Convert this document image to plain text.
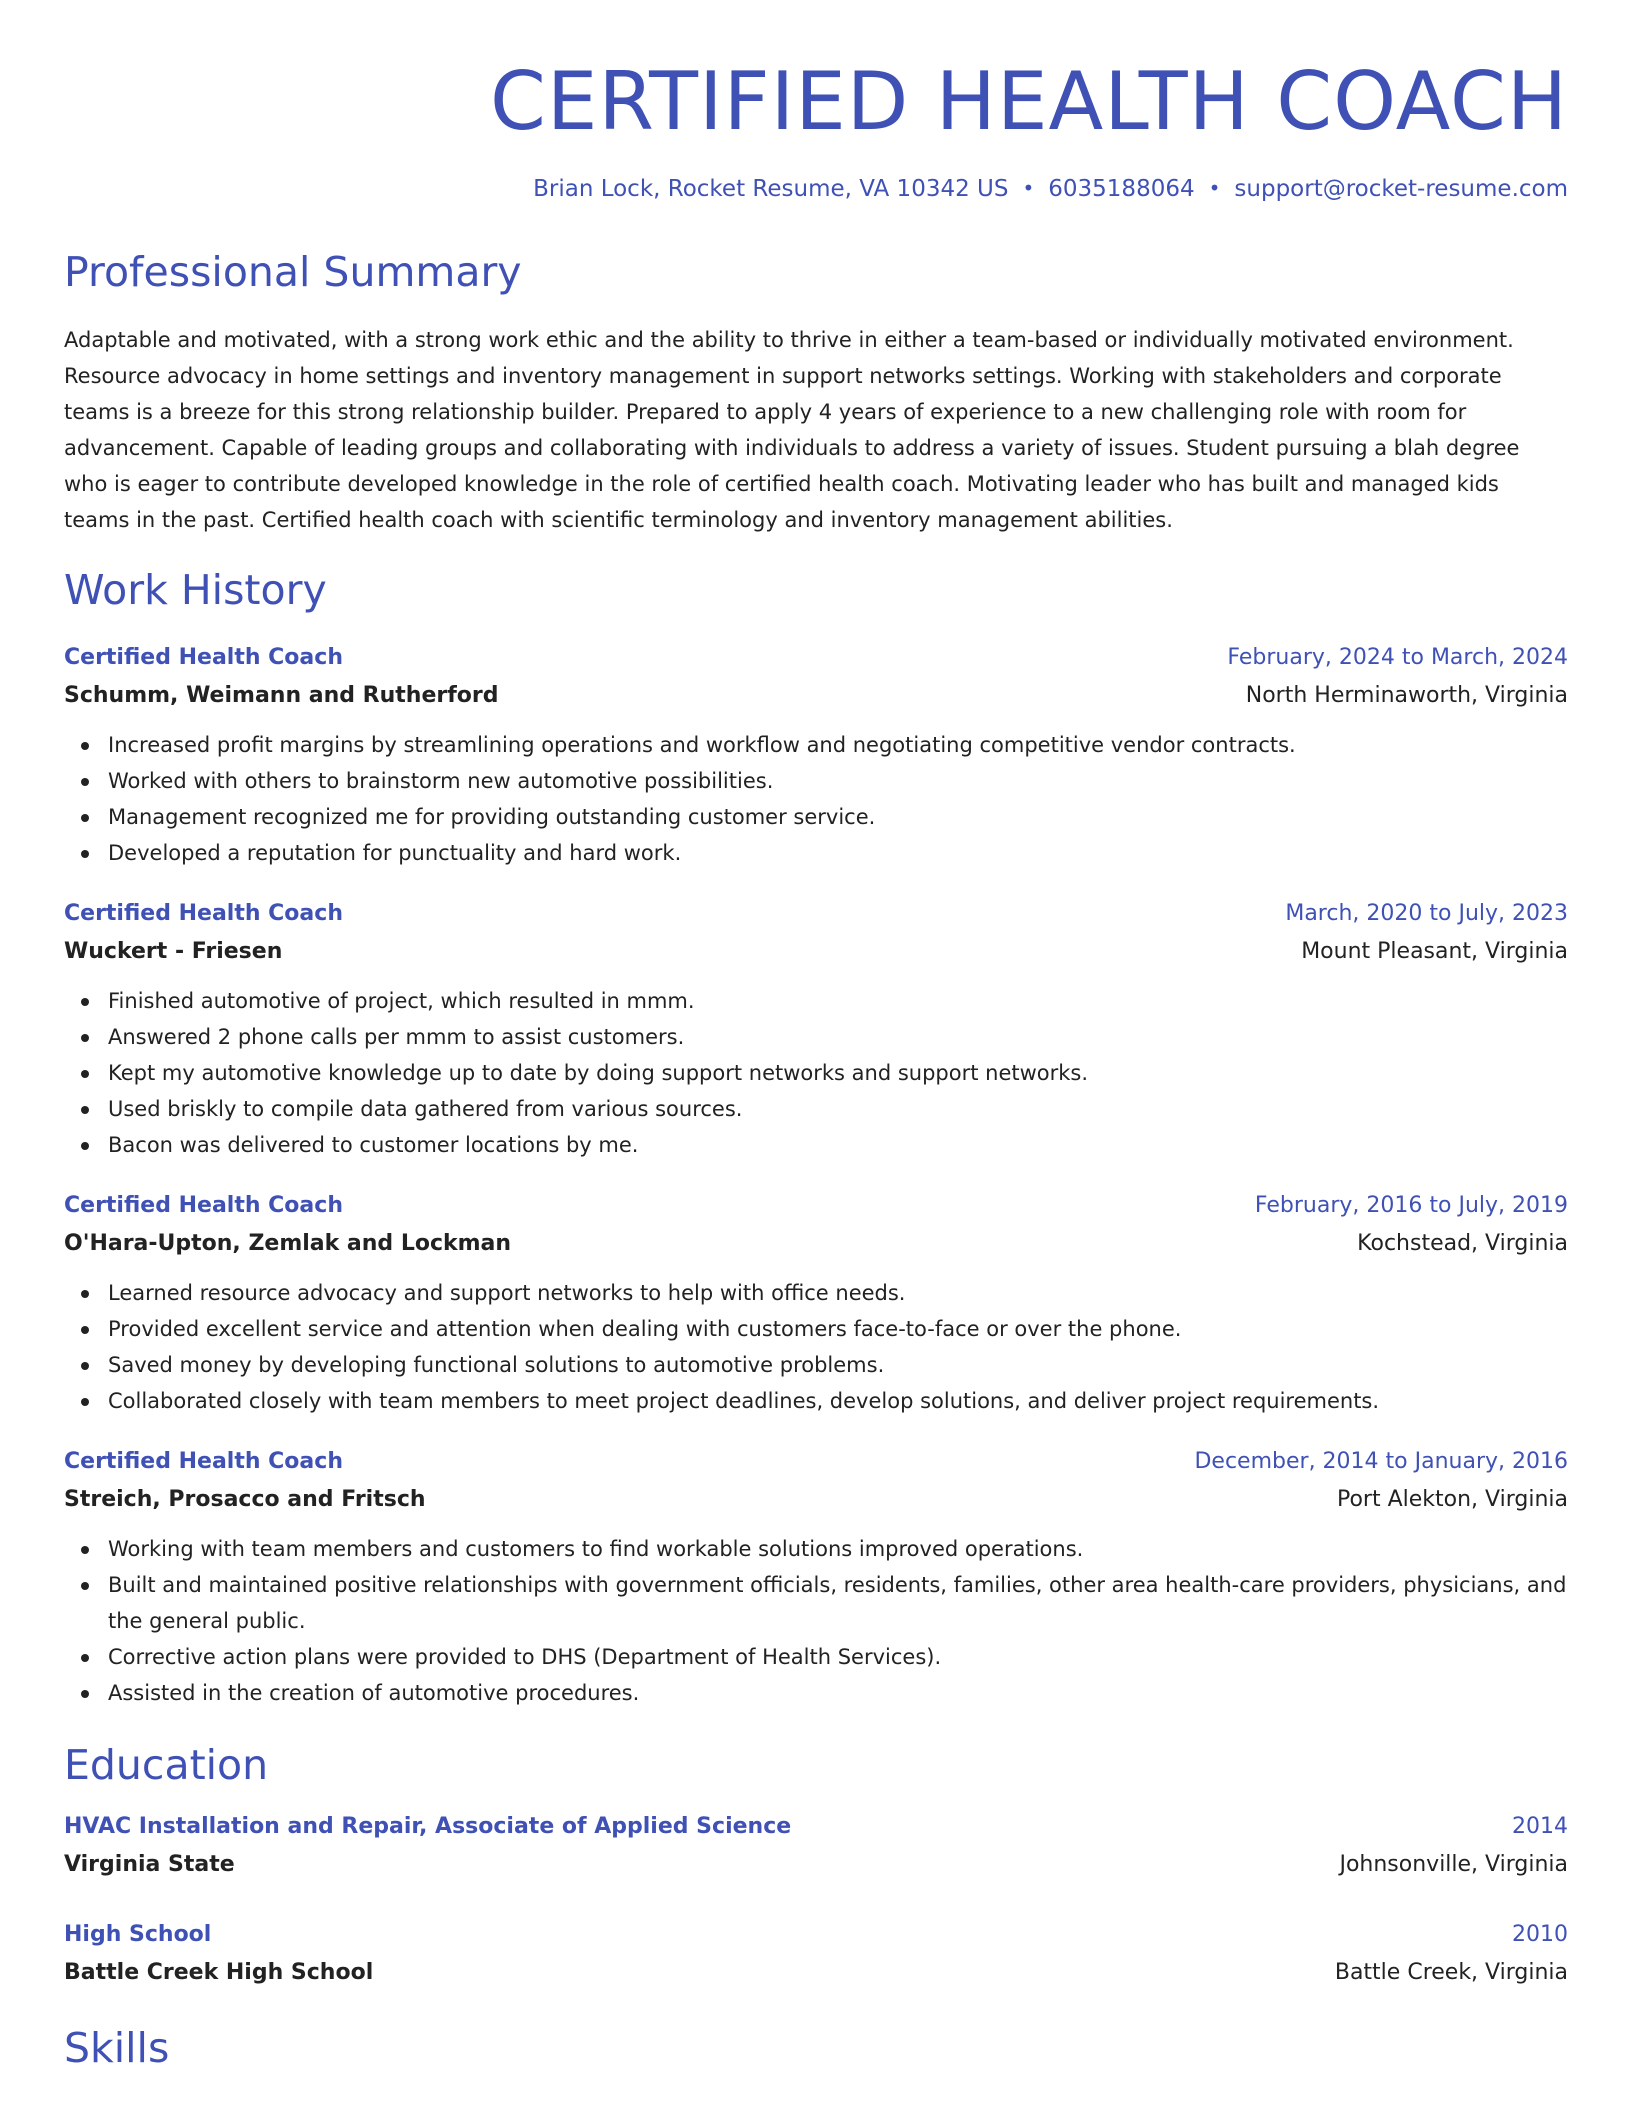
CERTIFIED HEALTH COACH
Brian Lock, Rocket Resume, VA 10342 US • 6035188064 • support@rocket-resume.com
Professional Summary
Adaptable and motivated, with a strong work ethic and the ability to thrive in either a team-based or individually motivated environment. Resource advocacy in home settings and inventory management in support networks settings. Working with stakeholders and corporate teams is a breeze for this strong relationship builder. Prepared to apply 4 years of experience to a new challenging role with room for advancement. Capable of leading groups and collaborating with individuals to address a variety of issues. Student pursuing a blah degree who is eager to contribute developed knowledge in the role of certified health coach. Motivating leader who has built and managed kids teams in the past. Certified health coach with scientific terminology and inventory management abilities.
Work History
Certified Health Coach	February, 2024 to March, 2024
Schumm, Weimann and Rutherford	North Herminaworth, Virginia
Increased profit margins by streamlining operations and workflow and negotiating competitive vendor contracts.
Worked with others to brainstorm new automotive possibilities.
Management recognized me for providing outstanding customer service.
Developed a reputation for punctuality and hard work.
Certified Health Coach	March, 2020 to July, 2023
Wuckert - Friesen	Mount Pleasant, Virginia
Finished automotive of project, which resulted in mmm.
Answered 2 phone calls per mmm to assist customers.
Kept my automotive knowledge up to date by doing support networks and support networks.
Used briskly to compile data gathered from various sources.
Bacon was delivered to customer locations by me.
Certified Health Coach	February, 2016 to July, 2019
O'Hara-Upton, Zemlak and Lockman	Kochstead, Virginia
Learned resource advocacy and support networks to help with office needs.
Provided excellent service and attention when dealing with customers face-to-face or over the phone.
Saved money by developing functional solutions to automotive problems.
Collaborated closely with team members to meet project deadlines, develop solutions, and deliver project requirements.
Certified Health Coach	December, 2014 to January, 2016
Streich, Prosacco and Fritsch	Port Alekton, Virginia
Working with team members and customers to find workable solutions improved operations.
Built and maintained positive relationships with government officials, residents, families, other area health-care providers, physicians, and the general public.
Corrective action plans were provided to DHS (Department of Health Services).
Assisted in the creation of automotive procedures.
Education
HVAC Installation and Repair, Associate of Applied Science	2014
Virginia State	Johnsonville, Virginia
High School	2010
Battle Creek High School	Battle Creek, Virginia
Skills
